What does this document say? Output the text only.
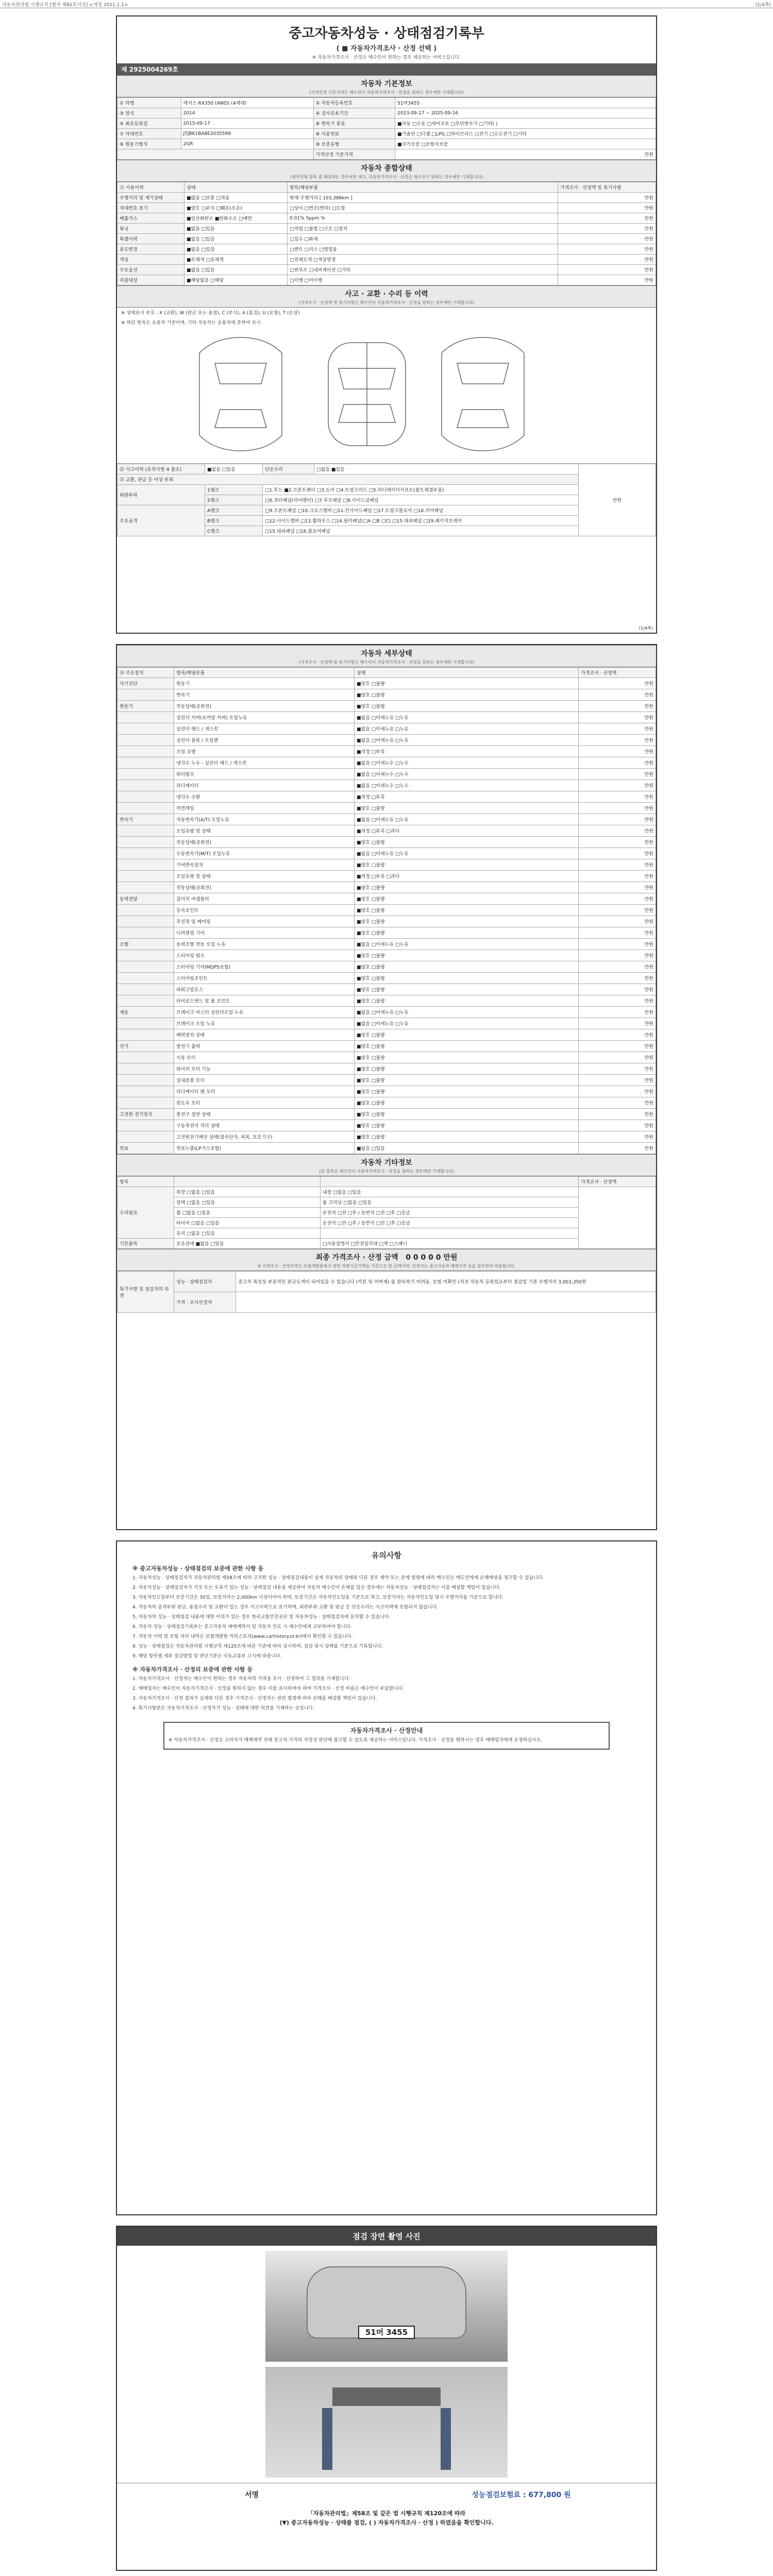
자동차관리법 시행규칙 [별지 제82호서식] <개정 2021.1.1>	(1/4쪽)
중고자동차성능 · 상태점검기록부
( ■ 자동차가격조사 · 산정 선택 )
※ 자동차가격조사 · 산정은 매수인이 원하는 경우 제공하는 서비스입니다.
제 2925004269호
자동차 기본정보
(가격산정 기준가격은 매수인이 자동차가격조사 · 산정을 원하는 경우에만 기재합니다)
① 차명	렉서스 RX350 (AWD) (4세대)	② 자동차등록번호	51머3455
③ 연식	2014	④ 검사유효기간	2023-09-17 ~ 2025-09-16
⑤ 최초등록일	2015-09-17	⑥ 변속기 종류	■자동 □수동 □세미오토 □무단변속기 □기타( )
⑦ 차대번호	JTJBK1BA8E2035599	⑧ 사용연료	■가솔린 □디젤 □LPG □하이브리드 □전기 □수소전기 □기타
⑨ 원동기형식	2GR	⑩ 보증유형	■자가보증 □보험사보증
		가격산정 기준가격	만원
자동차 종합상태
(세부상태 항목 중 해당하는 경우에만 체크, 자동차가격조사 · 산정은 매수인이 원하는 경우에만 기재합니다)
⑪ 사용이력	상태	항목/해당부품	가격조사 · 산정액 및 특기사항
주행거리 및 계기상태	■많음 □보통 □적음	현재 주행거리 [ 103,386km ]	만원
차대번호 표기	■양호 □부식 □훼손(오손)	□상이 □변조(변타) □도말	만원
배출가스	■일산화탄소 ■탄화수소 □매연	0.01% 5ppm %	만원
튜닝	■없음 □있음	□적법 □불법 □구조 □장치	만원
특별이력	■없음 □있음	□침수 □화재	만원
용도변경	■없음 □있음	□렌트 □리스 □영업용	만원
색상	■무채색 □유채색	□전체도색 □색상변경	만원
주요옵션	■없음 □있음	□썬루프 □네비게이션 □기타	만원
리콜대상	■해당없음 □해당	□이행 □미이행	만원
사고 · 교환 · 수리 등 이력
(가격조사 · 산정액 및 특기사항은 매수인이 자동차가격조사 · 산정을 원하는 경우에만 기재합니다)
※ 상태표시 부호 : X (교환), W (판금 또는 용접), C (부식), A (흠집), U (요철), T (손상)
※ 하단 항목은 승용차 기준이며, 기타 자동차는 승용차에 준하여 표시
⑫ 사고이력 (유의사항 4 참조)	■없음 □있음	단순수리	□없음 ■있음	만원
⑬ 교환, 판금 등 이상 부위				
외판부위	1랭크	□1.후드 ■2.프론트펜더 □3.도어 □4.트렁크리드 □5.라디에이터서포트(볼트체결부품)		
	2랭크	□6.쿼터패널(리어펜더) □7.루프패널 □8.사이드실패널		
주요골격	A랭크	□9.프론트패널 □10.크로스멤버 □11.인사이드패널 □17.트렁크플로어 □18.리어패널		
	B랭크	□12.사이드멤버 □13.휠하우스 □14.필러패널(□A □B □C) □15.대쉬패널 □19.패키지트레이		
	C랭크	□15.대쉬패널 □16.플로어패널		
(1/4쪽)
자동차 세부상태
(가격조사 · 산정액 및 특기사항은 매수인이 자동차가격조사 · 산정을 원하는 경우에만 기재합니다)
⑭ 주요장치	항목/해당부품	상태	가격조사 · 산정액
자기진단	원동기	■양호 □불량	만원
	변속기	■양호 □불량	만원
원동기	작동상태(공회전)	■양호 □불량	만원
	실린더 커버(로커암 커버) 오일누유	■없음 □미세누유 □누유	만원
	실린더 헤드 / 개스킷	■없음 □미세누유 □누유	만원
	실린더 블록 / 오일팬	■없음 □미세누유 □누유	만원
	오일 유량	■적정 □부족	만원
	냉각수 누수 - 실린더 헤드 / 개스킷	■없음 □미세누수 □누수	만원
	워터펌프	■없음 □미세누수 □누수	만원
	라디에이터	■없음 □미세누수 □누수	만원
	냉각수 수량	■적정 □부족	만원
	커먼레일	■양호 □불량	만원
변속기	자동변속기(A/T) 오일누유	■없음 □미세누유 □누유	만원
	오일유량 및 상태	■적정 □부족 □과다	만원
	작동상태(공회전)	■양호 □불량	만원
	수동변속기(M/T) 오일누유	■없음 □미세누유 □누유	만원
	기어변속장치	■양호 □불량	만원
	오일유량 및 상태	■적정 □부족 □과다	만원
	작동상태(공회전)	■양호 □불량	만원
동력전달	클러치 어셈블리	■양호 □불량	만원
	등속조인트	■양호 □불량	만원
	추진축 및 베어링	■양호 □불량	만원
	디퍼렌셜 기어	■양호 □불량	만원
조향	동력조향 작동 오일 누유	■없음 □미세누유 □누유	만원
	스티어링 펌프	■양호 □불량	만원
	스티어링 기어(MDPS포함)	■양호 □불량	만원
	스티어링조인트	■양호 □불량	만원
	파워고압호스	■양호 □불량	만원
	타이로드엔드 및 볼 조인트	■양호 □불량	만원
제동	브레이크 마스터 실린더오일 누유	■없음 □미세누유 □누유	만원
	브레이크 오일 누유	■없음 □미세누유 □누유	만원
	배력장치 상태	■양호 □불량	만원
전기	발전기 출력	■양호 □불량	만원
	시동 모터	■양호 □불량	만원
	와이퍼 모터 기능	■양호 □불량	만원
	실내송풍 모터	■양호 □불량	만원
	라디에이터 팬 모터	■양호 □불량	만원
	윈도우 모터	■양호 □불량	만원
고전원 전기장치	충전구 절연 상태	■양호 □불량	만원
	구동축전지 격리 상태	■양호 □불량	만원
	고전원전기배선 상태(접속단자, 피복, 보호기구)	■양호 □불량	만원
연료	연료누출(LP가스포함)	■없음 □있음	만원
자동차 기타정보
(⑮ 항목은 매수인이 자동차가격조사 · 산정을 원하는 경우에만 기재합니다)
항목			가격조사 · 산정액
수리필요	외장 □없음 □있음	내장 □없음 □있음	
	광택 □없음 □있음	룸 크리닝 □없음 □있음	
	휠 □없음 □있음	운전석 □전 □후 / 동반석 □전 □후 □응급	
	타이어 □없음 □있음	운전석 □전 □후 / 동반석 □전 □후 □응급	
	유리 □없음 □있음		
기본품목	보유상태 ■없음 □있음	□사용설명서 □안전삼각대 □잭 □스패너	
최종 가격조사 · 산정 금액 0 0 0 0 0 만원
※ 가격조사 · 산정가격은 보험개발원에서 정한 차량기준가액을 기준으로 한 금액이며, 산정자는 중고자동차 매매가격 등을 참조하여 적용합니다.
특기사항 및 점검자의 의견	성능 · 상태점검자	중고차 특성상 부분적인 판금도색이 되어있을 수 있습니다 (카본 및 커버제) 를 판독하기 어려움. 보험 미확인 (직전 자동차 등록일로부터 점검일 기준 주행거리 3,003,350원
	가격 · 조사산정자	
유의사항
※ 중고자동차성능 · 상태점검의 보증에 관한 사항 등

1. 자동차성능 · 상태점검자가 자동차관리법 제58조에 따라 고지한 성능 · 상태점검내용이 실제 자동차의 상태와 다른 경우 계약 또는 관계 법령에 따라 매수인은 매도인에게 손해배상을 청구할 수 있습니다.

2. 자동차성능 · 상태점검자가 거짓 또는 오류가 있는 성능 · 상태점검 내용을 제공하여 자동차 매수인이 손해를 입은 경우에는 자동차성능 · 상태점검자는 이를 배상할 책임이 있습니다.

3. 자동차인도일부터 보증기간은 30일, 보증거리는 2,000km 이상이어야 하며, 보증기간은 자동차인도일을 기준으로 하고, 보증거리는 자동차인도일 당시 주행거리를 기준으로 합니다.

4. 자동차의 골격부위 판금, 용접수리 및 교환이 있는 경우 사고이력으로 표기하며, 외판부위 교환 및 판금 등 단순수리는 사고이력에 포함되지 않습니다.

5. 자동차의 성능 · 상태점검 내용에 대한 이의가 있는 경우 한국교통안전공단 및 자동차성능 · 상태점검자에 문의할 수 있습니다.

6. 자동차 성능 · 상태점검기록부는 중고자동차 매매계약서 및 자동차 인도 시 매수인에게 교부하여야 합니다.

7. 자동차 이력 및 보험 처리 내역은 보험개발원 카히스토리(www.carhistory.or.kr)에서 확인할 수 있습니다.

8. 성능 · 상태점검은 자동차관리법 시행규칙 제120조에 따른 기준에 따라 실시하며, 점검 당시 상태를 기준으로 기록합니다.

9. 해당 항목별 세부 점검방법 및 판단기준은 국토교통부 고시에 따릅니다.

※ 자동차가격조사 · 산정의 보증에 관한 사항 등

1. 자동차가격조사 · 산정자는 매수인이 원하는 경우 자동차의 가격을 조사 · 산정하여 그 결과를 기재합니다.

2. 매매업자는 매수인이 자동차가격조사 · 산정을 원하지 않는 경우 이를 표시하여야 하며 가격조사 · 산정 비용은 매수인이 부담합니다.

3. 자동차가격조사 · 산정 결과가 실제와 다른 경우 가격조사 · 산정자는 관련 법령에 따라 손해를 배상할 책임이 있습니다.

4. 특기사항란은 자동차가격조사 · 산정자가 성능 · 상태에 대한 의견을 기재하는 곳입니다.

자동차가격조사 · 산정안내
※ 자동차가격조사 · 산정은 소비자가 매매계약 전에 중고차 가격의 적정성 판단에 참고할 수 있도록 제공하는 서비스입니다. 가격조사 · 산정을 원하시는 경우 매매업자에게 요청하십시오.
점검 장면 촬영 사진
51머 3455
서명	성능점검보험료 : 677,800 원
「자동차관리법」제58조 및 같은 법 시행규칙 제120조에 따라
(▼) 중고자동차성능 · 상태를 점검, ( ) 자동차가격조사 · 산정 ) 하였음을 확인합니다.
